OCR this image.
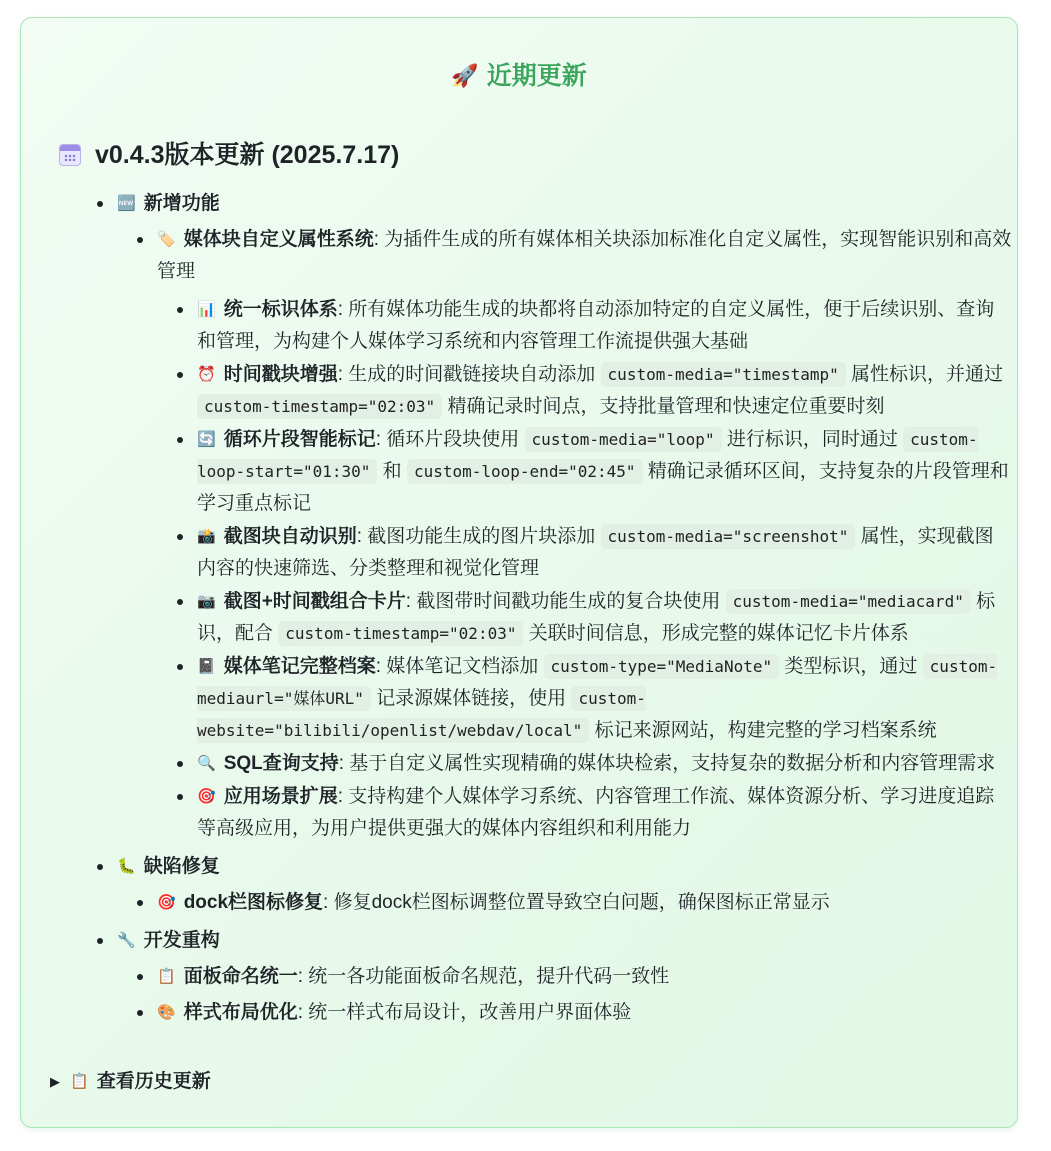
🚀 近期更新
v0.4.3版本更新 (2025.7.17)
🆕 新增功能
🏷️ 媒体块自定义属性系统: 为插件生成的所有媒体相关块添加标准化自定义属性，实现智能识别和高效管理
📊 统一标识体系: 所有媒体功能生成的块都将自动添加特定的自定义属性，便于后续识别、查询和管理，为构建个人媒体学习系统和内容管理工作流提供强大基础
⏰ 时间戳块增强: 生成的时间戳链接块自动添加 custom-media="timestamp" 属性标识，并通过 custom-timestamp="02:03" 精确记录时间点，支持批量管理和快速定位重要时刻
🔄 循环片段智能标记: 循环片段块使用 custom-media="loop" 进行标识，同时通过 custom-loop-start="01:30" 和 custom-loop-end="02:45" 精确记录循环区间，支持复杂的片段管理和学习重点标记
📸 截图块自动识别: 截图功能生成的图片块添加 custom-media="screenshot" 属性，实现截图内容的快速筛选、分类整理和视觉化管理
📷 截图+时间戳组合卡片: 截图带时间戳功能生成的复合块使用 custom-media="mediacard" 标识，配合 custom-timestamp="02:03" 关联时间信息，形成完整的媒体记忆卡片体系
📓 媒体笔记完整档案: 媒体笔记文档添加 custom-type="MediaNote" 类型标识，通过 custom-mediaurl="媒体URL" 记录源媒体链接，使用 custom-website="bilibili/openlist/webdav/local" 标记来源网站，构建完整的学习档案系统
🔍 SQL查询支持: 基于自定义属性实现精确的媒体块检索，支持复杂的数据分析和内容管理需求
🎯 应用场景扩展: 支持构建个人媒体学习系统、内容管理工作流、媒体资源分析、学习进度追踪等高级应用，为用户提供更强大的媒体内容组织和利用能力
🐛 缺陷修复
🎯 dock栏图标修复: 修复dock栏图标调整位置导致空白问题，确保图标正常显示
🔧 开发重构
📋 面板命名统一: 统一各功能面板命名规范，提升代码一致性
🎨 样式布局优化: 统一样式布局设计，改善用户界面体验
▶ 📋 查看历史更新
